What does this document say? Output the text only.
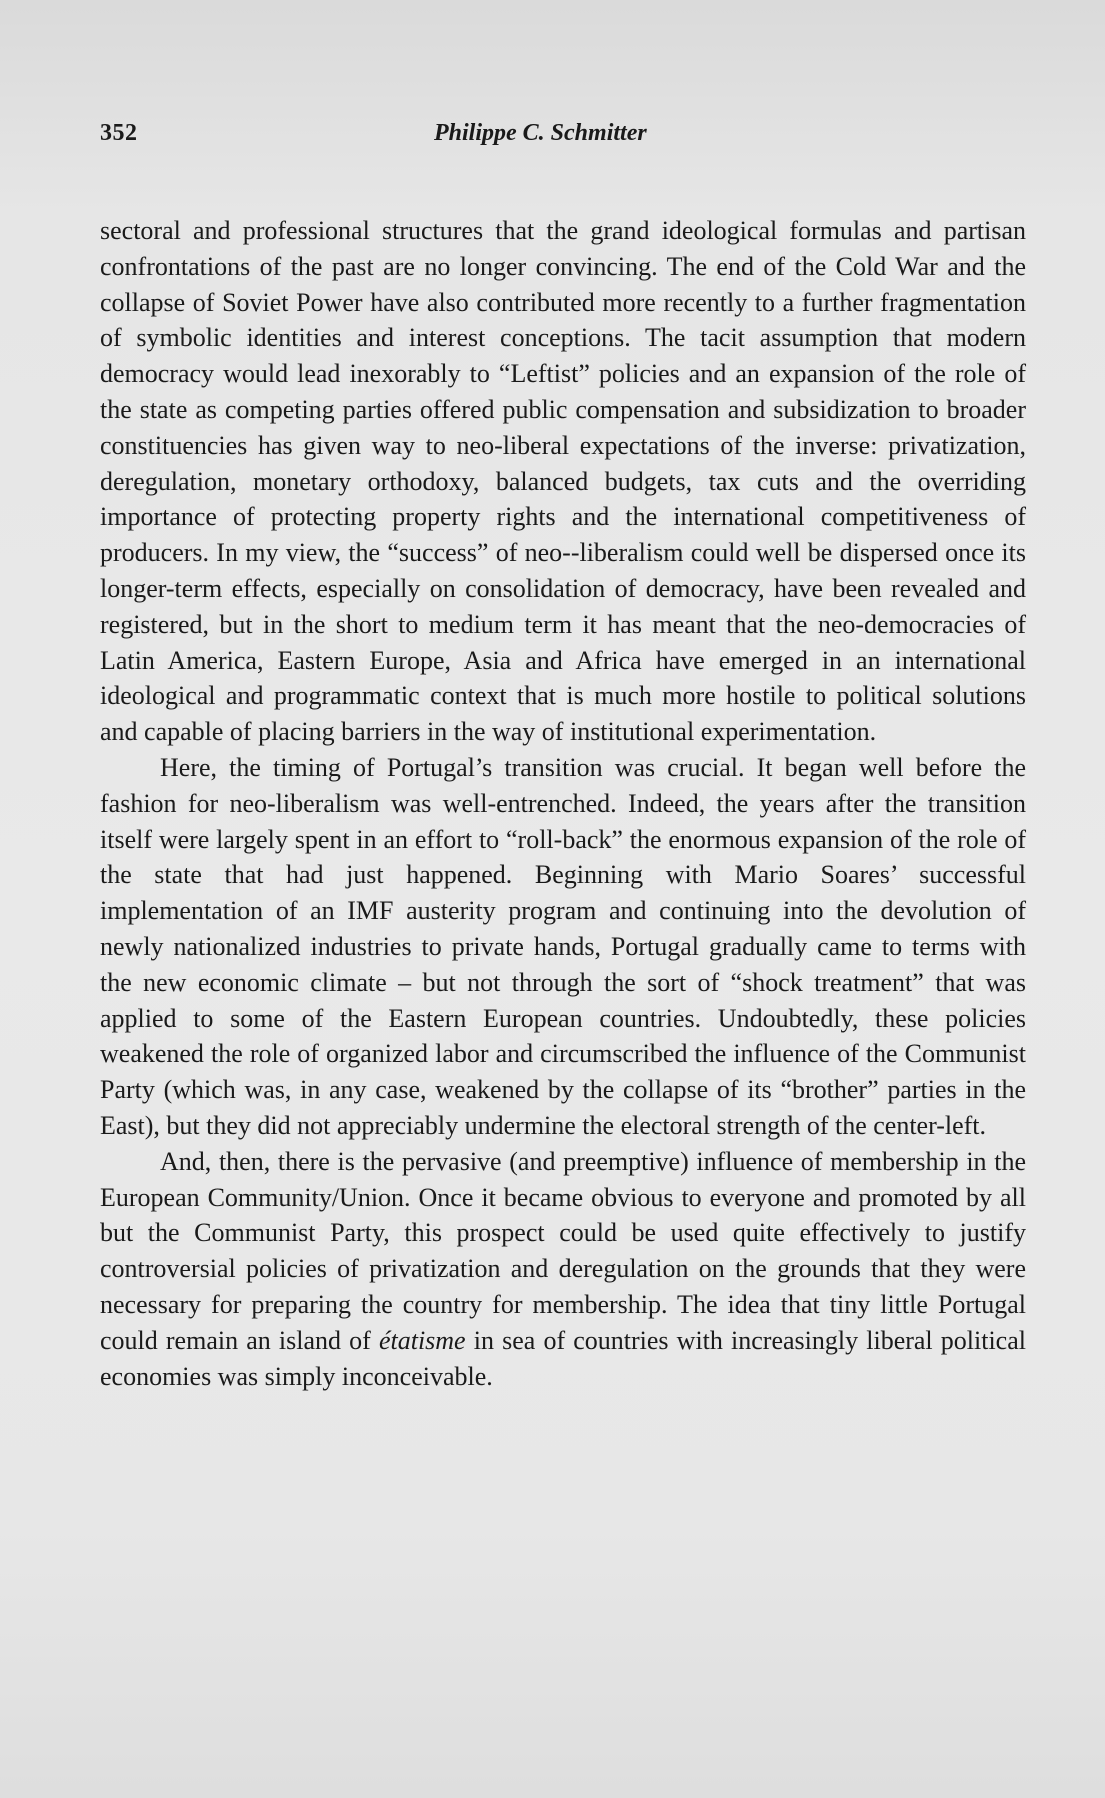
352	Philippe C. Schmitter

sectoral and professional structures that the grand ideological formulas and partisan confrontations of the past are no longer convincing. The end of the Cold War and the collapse of Soviet Power have also contributed more recently to a further fragmentation of symbolic identities and interest conceptions. The tacit assumption that modern democracy would lead inexorably to “Leftist” policies and an expansion of the role of the state as competing parties offered public compensation and subsidization to broader constituencies has given way to neo-liberal expectations of the inverse: privatization, deregulation, monetary orthodoxy, balanced budgets, tax cuts and the overriding importance of protecting property rights and the international competitiveness of producers. In my view, the “success” of neo--liberalism could well be dispersed once its longer-term effects, especially on consolidation of democracy, have been revealed and registered, but in the short to medium term it has meant that the neo-democracies of Latin America, Eastern Europe, Asia and Africa have emerged in an international ideological and programmatic context that is much more hostile to political solutions and capable of placing barriers in the way of institutional experimentation.

Here, the timing of Portugal’s transition was crucial. It began well before the fashion for neo-liberalism was well-entrenched. Indeed, the years after the transition itself were largely spent in an effort to “roll-back” the enormous expansion of the role of the state that had just happened. Beginning with Mario Soares’ successful implementation of an IMF austerity program and continuing into the devolution of newly nationalized industries to private hands, Portugal gradually came to terms with the new economic climate – but not through the sort of “shock treatment” that was applied to some of the Eastern European countries. Undoubtedly, these policies weakened the role of organized labor and circumscribed the influence of the Communist Party (which was, in any case, weakened by the collapse of its “brother” parties in the East), but they did not appreciably undermine the electoral strength of the center-left.

And, then, there is the pervasive (and preemptive) influence of membership in the European Community/Union. Once it became obvious to everyone and promoted by all but the Communist Party, this prospect could be used quite effectively to justify controversial policies of privatization and deregulation on the grounds that they were necessary for preparing the country for membership. The idea that tiny little Portugal could remain an island of étatisme in sea of countries with increasingly liberal political economies was simply inconceivable.
